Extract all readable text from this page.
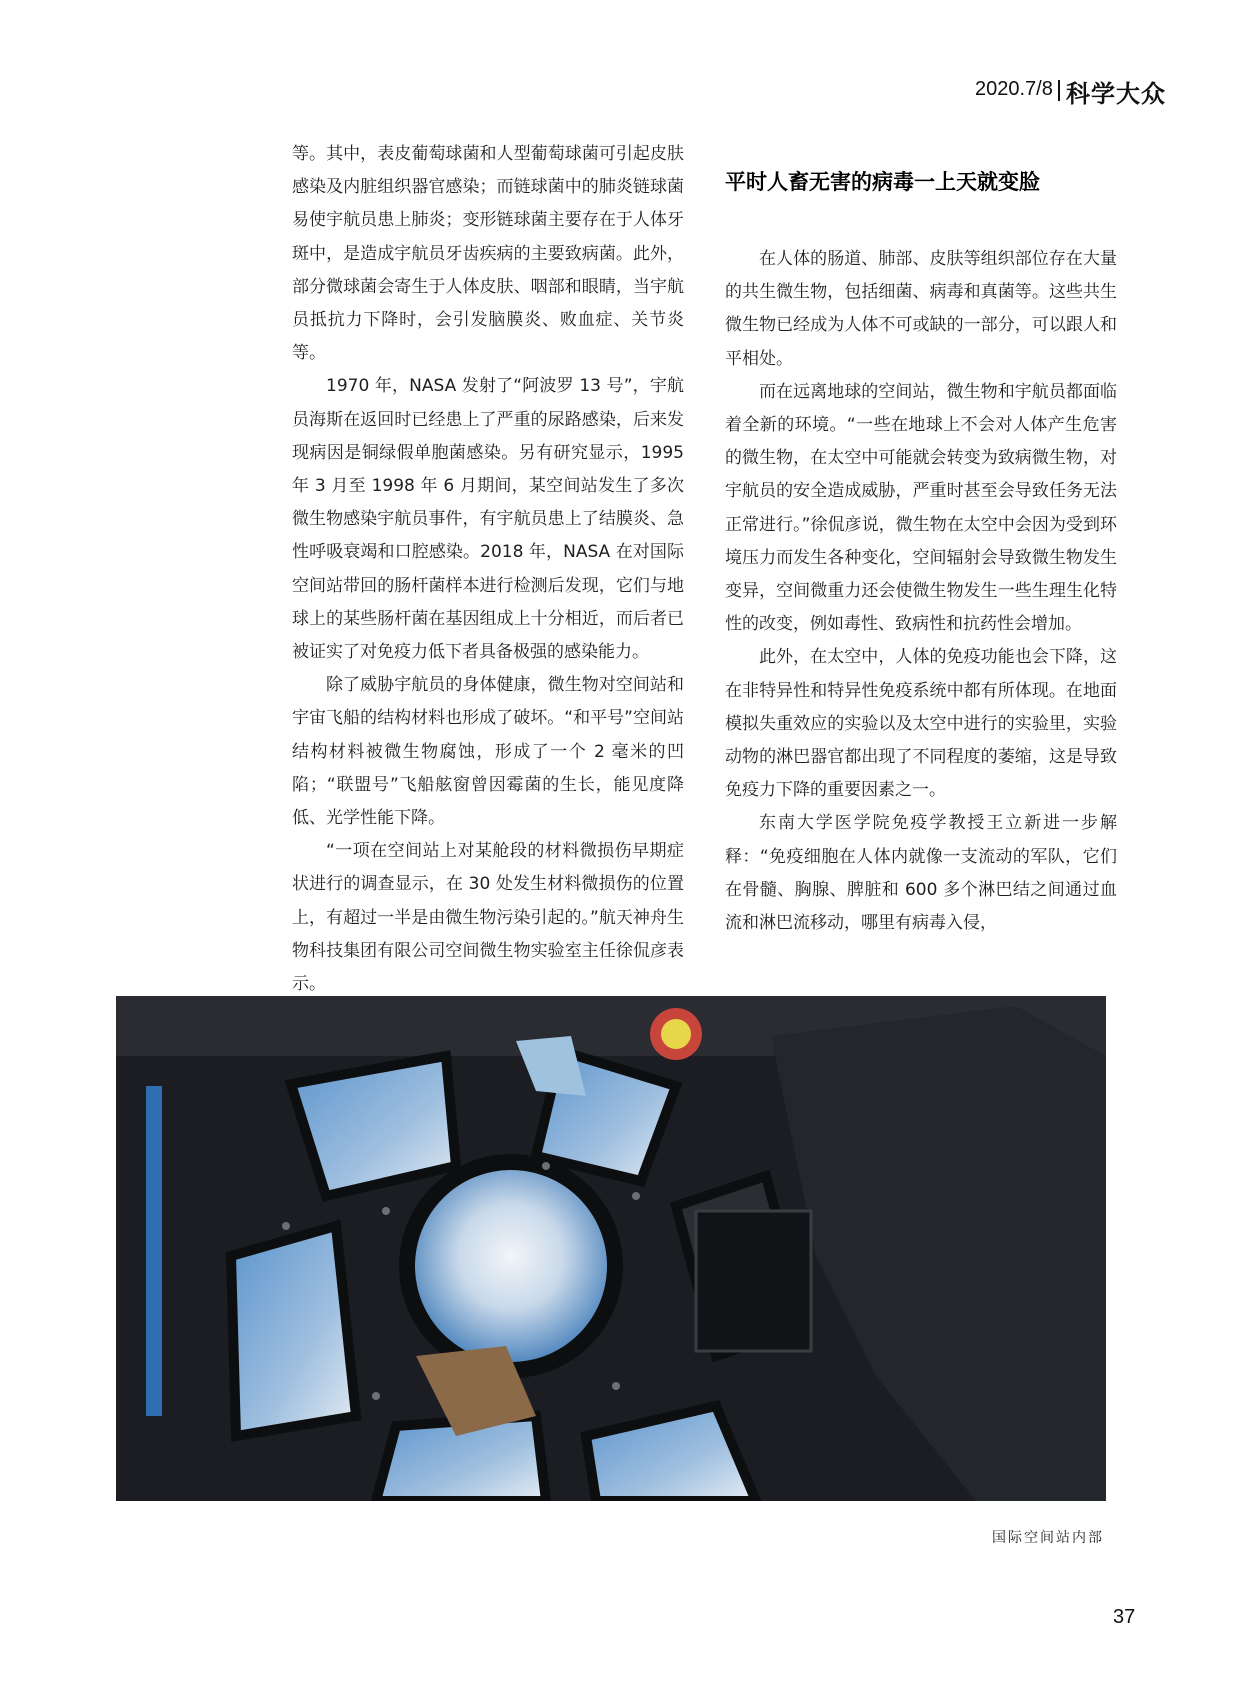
2020.7/8 科学大众

等。其中，表皮葡萄球菌和人型葡萄球菌可引起皮肤感染及内脏组织器官感染；而链球菌中的肺炎链球菌易使宇航员患上肺炎；变形链球菌主要存在于人体牙斑中，是造成宇航员牙齿疾病的主要致病菌。此外，部分微球菌会寄生于人体皮肤、咽部和眼睛，当宇航员抵抗力下降时，会引发脑膜炎、败血症、关节炎等。

1970 年，NASA 发射了“阿波罗 13 号”，宇航员海斯在返回时已经患上了严重的尿路感染，后来发现病因是铜绿假单胞菌感染。另有研究显示，1995 年 3 月至 1998 年 6 月期间，某空间站发生了多次微生物感染宇航员事件，有宇航员患上了结膜炎、急性呼吸衰竭和口腔感染。2018 年，NASA 在对国际空间站带回的肠杆菌样本进行检测后发现，它们与地球上的某些肠杆菌在基因组成上十分相近，而后者已被证实了对免疫力低下者具备极强的感染能力。

除了威胁宇航员的身体健康，微生物对空间站和宇宙飞船的结构材料也形成了破坏。“和平号”空间站结构材料被微生物腐蚀，形成了一个 2 毫米的凹陷；“联盟号”飞船舷窗曾因霉菌的生长，能见度降低、光学性能下降。

“一项在空间站上对某舱段的材料微损伤早期症状进行的调查显示，在 30 处发生材料微损伤的位置上，有超过一半是由微生物污染引起的。”航天神舟生物科技集团有限公司空间微生物实验室主任徐侃彦表示。

平时人畜无害的病毒一上天就变脸

在人体的肠道、肺部、皮肤等组织部位存在大量的共生微生物，包括细菌、病毒和真菌等。这些共生微生物已经成为人体不可或缺的一部分，可以跟人和平相处。

而在远离地球的空间站，微生物和宇航员都面临着全新的环境。“一些在地球上不会对人体产生危害的微生物，在太空中可能就会转变为致病微生物，对宇航员的安全造成威胁，严重时甚至会导致任务无法正常进行。”徐侃彦说，微生物在太空中会因为受到环境压力而发生各种变化，空间辐射会导致微生物发生变异，空间微重力还会使微生物发生一些生理生化特性的改变，例如毒性、致病性和抗药性会增加。

此外，在太空中，人体的免疫功能也会下降，这在非特异性和特异性免疫系统中都有所体现。在地面模拟失重效应的实验以及太空中进行的实验里，实验动物的淋巴器官都出现了不同程度的萎缩，这是导致免疫力下降的重要因素之一。

东南大学医学院免疫学教授王立新进一步解释：“免疫细胞在人体内就像一支流动的军队，它们在骨髓、胸腺、脾脏和 600 多个淋巴结之间通过血流和淋巴流移动，哪里有病毒入侵，

国际空间站内部
37
